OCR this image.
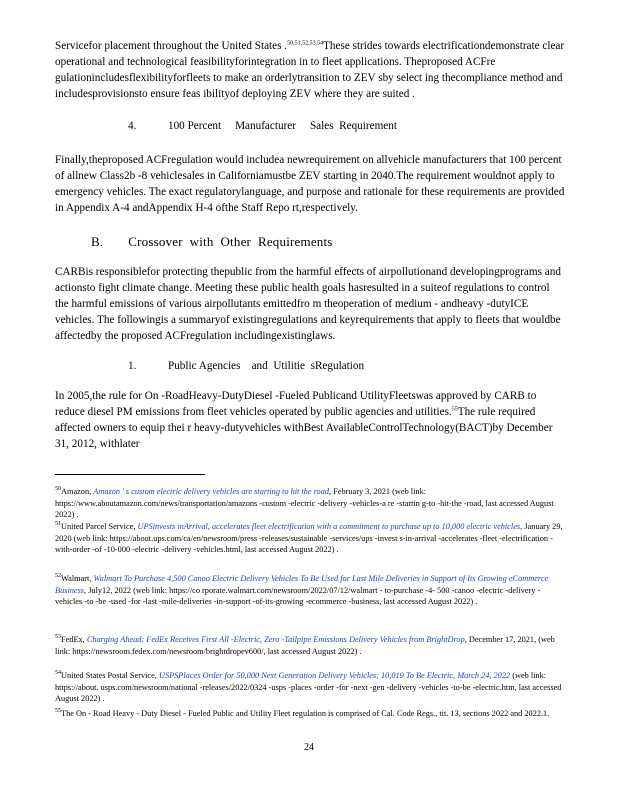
Servicefor placement throughout the United States .$^{50,51,52,53,54}$These strides towards electrificationdemonstrate clear operational and technological feasibilityforintegration in to fleet applications. Theproposed ACFre gulationincludesflexibilityforfleets to make an orderlytransition to ZEV sby select ing thecompliance method and includesprovisionsto ensure feas ibilityof deploying ZEV where they are suited .

4.	100 Percent     Manufacturer     Sales  Requirement

Finally,theproposed ACFregulation would includea newrequirement on allvehicle manufacturers that 100 percent of allnew Class2b -8 vehiclesales in Californiamustbe ZEV starting in 2040.The requirement wouldnot apply to emergency vehicles. The exact regulatorylanguage, and purpose and rationale for these requirements are provided in Appendix A-4 andAppendix H-4 ofthe Staff Repo rt,respectively.

B. Crossover  with  Other  Requirements

CARBis responsiblefor protecting thepublic from the harmful effects of airpollutionand developingprograms and actionsto fight climate change. Meeting these public health goals hasresulted in a suiteof regulations to control the harmful emissions of various airpollutants emittedfro m theoperation of medium - andheavy -dutyICE vehicles. The followingis a summaryof existingregulations and keyrequirements that apply to fleets that wouldbe affectedby the proposed ACFregulation includingexistinglaws.

1.	Public Agencies    and  Utilitie  sRegulation

In 2005,the rule for On -RoadHeavy-DutyDiesel -Fueled Publicand UtilityFleetswas approved by CARB to reduce diesel PM emissions from fleet vehicles operated by public agencies and utilities.$^{55}$The rule required affected owners to equip thei r heavy-dutyvehicles withBest AvailableControlTechnology(BACT)by December 31, 2012, withlater

$^{50}$Amazon, Amazon ' s custom electric delivery vehicles are starting to hit the road, February 3, 2021 (web link: https://www.aboutamazon.com/news/transportation/amazons -custom -electric -delivery -vehicles-a re -startin g-to -hit-the -road, last accessed August 2022) .

$^{51}$United Parcel Service, UPSinvests inArrival, accelerates fleet electrification with a commitment to purchase up to 10,000 electric vehicles, January 29, 2020 (web link: https://about.ups.com/ca/en/newsroom/press -releases/sustainable -services/ups -invest s-in-arrival -accelerates -fleet -electrification -with-order -of -10-000 -electric -delivery -vehicles.html, last accessed August 2022) .

$^{52}$Walmart, Walmart To Purchase 4,500 Canoo Electric Delivery Vehicles To Be Used for Last Mile Deliveries in Support of Its Growing eCommerce Business, July12, 2022 (web link: https://co rporate.walmart.com/newsroom/2022/07/12/walmart - to-purchase -4- 500 -canoo -electric -delivery -vehicles -to -be -used -for -last -mile-deliveries -in-support -of-its-growing -ecommerce -business, last accessed August 2022) .

$^{53}$FedEx, Charging Ahead: FedEx Receives First All -Electric, Zero -Tailpipe Emissions Delivery Vehicles from BrightDrop, December 17, 2021, (web link: https://newsroom.fedex.com/newsroom/brightdropev600/, last accessed August 2022) .

$^{54}$United States Postal Service, USPSPlaces Order for 50,000 Next Generation Delivery Vehicles; 10,019 To Be Electric, March 24, 2022 (web link: https://about. usps.com/newsroom/national -releases/2022/0324 -usps -places -order -for -next -gen -delivery -vehicles -to-be -electric.htm, last accessed August 2022) .

$^{55}$The On - Road Heavy - Duty Diesel - Fueled Public and Utility Fleet regulation is comprised of Cal. Code Regs., tit. 13, sections 2022 and 2022.1.

24
